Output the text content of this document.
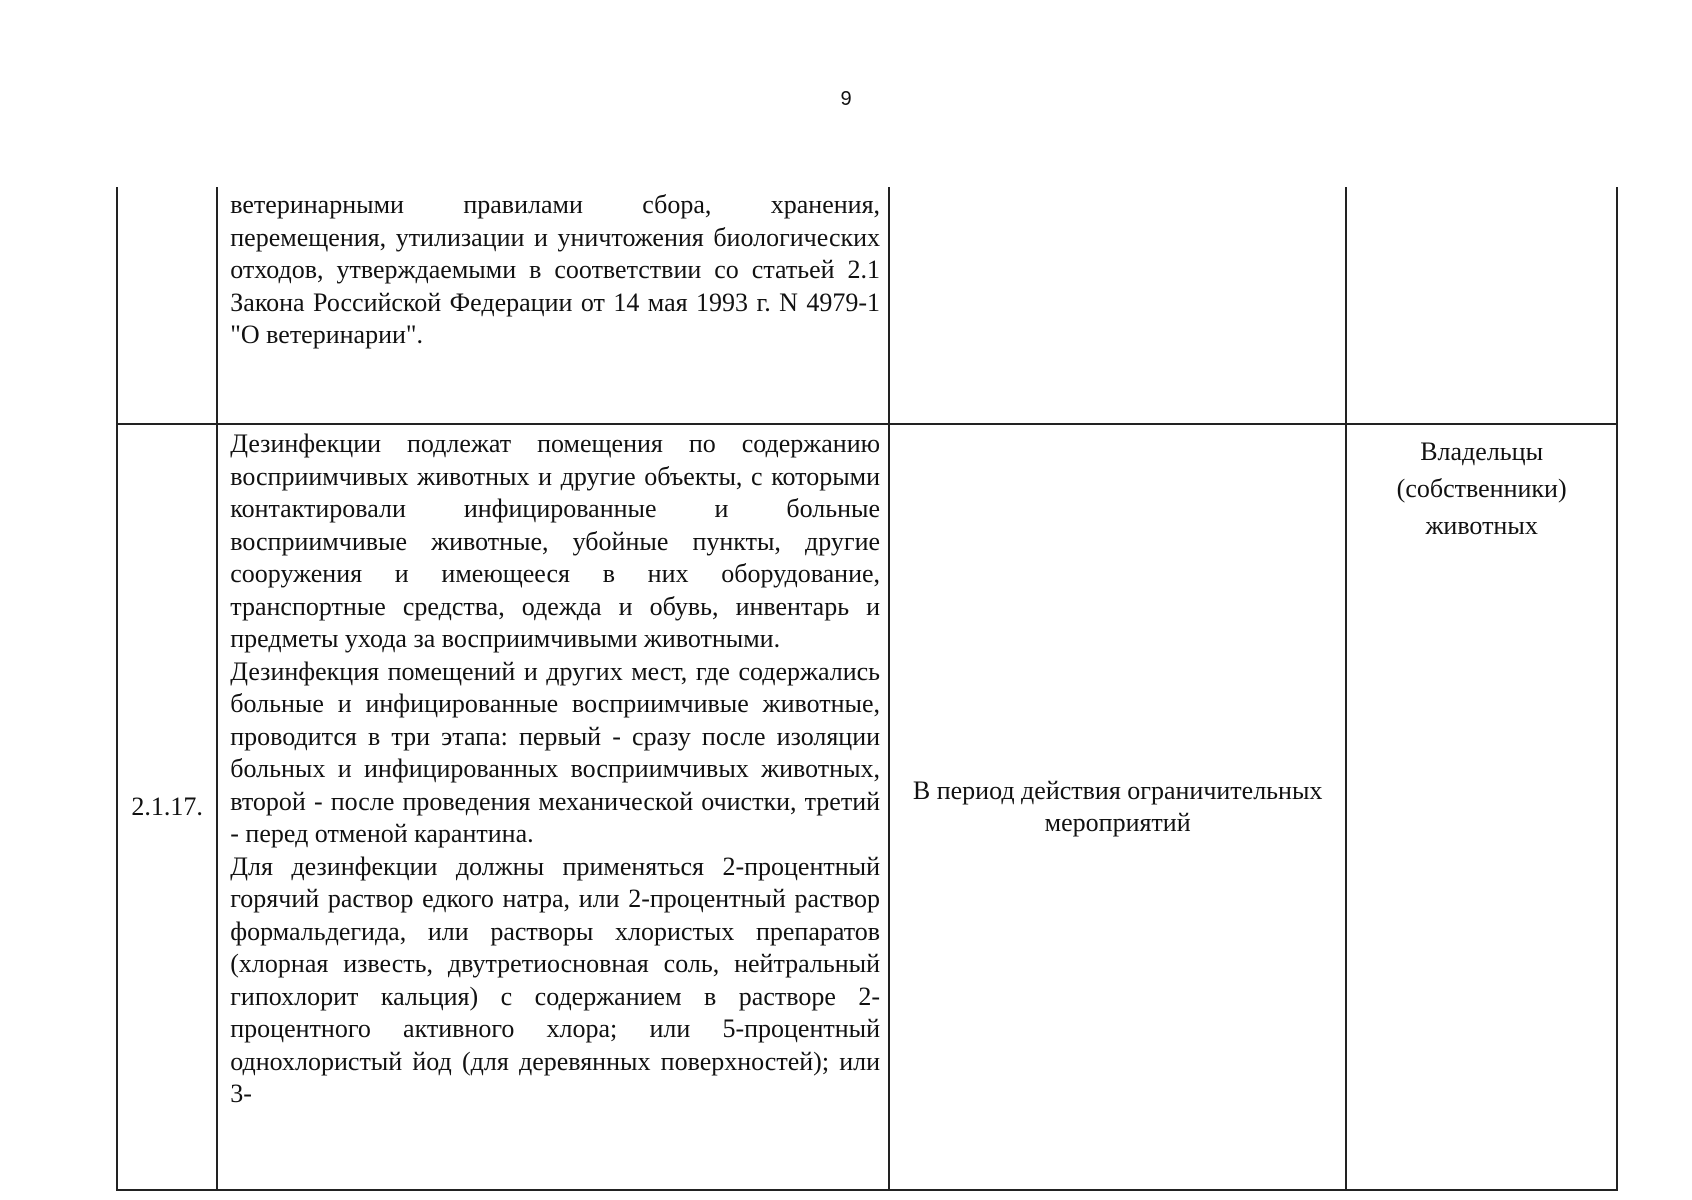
9

	ветеринарными правилами сбора, хранения, перемещения, утилизации и уничтожения биологических отходов, утверждаемыми в соответствии со статьей 2.1 Закона Российской Федерации от 14 мая 1993 г. N 4979-1 "О ветеринарии".		

2.1.17.	Дезинфекции подлежат помещения по содержанию восприимчивых животных и другие объекты, с которыми контактировали инфицированные и больные восприимчивые животные, убойные пункты, другие сооружения и имеющееся в них оборудование, транспортные средства, одежда и обувь, инвентарь и предметы ухода за восприимчивыми животными.

Дезинфекция помещений и других мест, где содержались больные и инфицированные восприимчивые животные, проводится в три этапа: первый - сразу после изоляции больных и инфицированных восприимчивых животных, второй - после проведения механической очистки, третий - перед отменой карантина.

Для дезинфекции должны применяться 2-процентный горячий раствор едкого натра, или 2-процентный раствор формальдегида, или растворы хлористых препаратов (хлорная известь, двутретиосновная соль, нейтральный гипохлорит кальция) с содержанием в растворе 2-процентного активного хлора; или 5-процентный однохлористый йод (для деревянных поверхностей); или 3-	В период действия ограничительных мероприятий	Владельцы (собственники) животных
